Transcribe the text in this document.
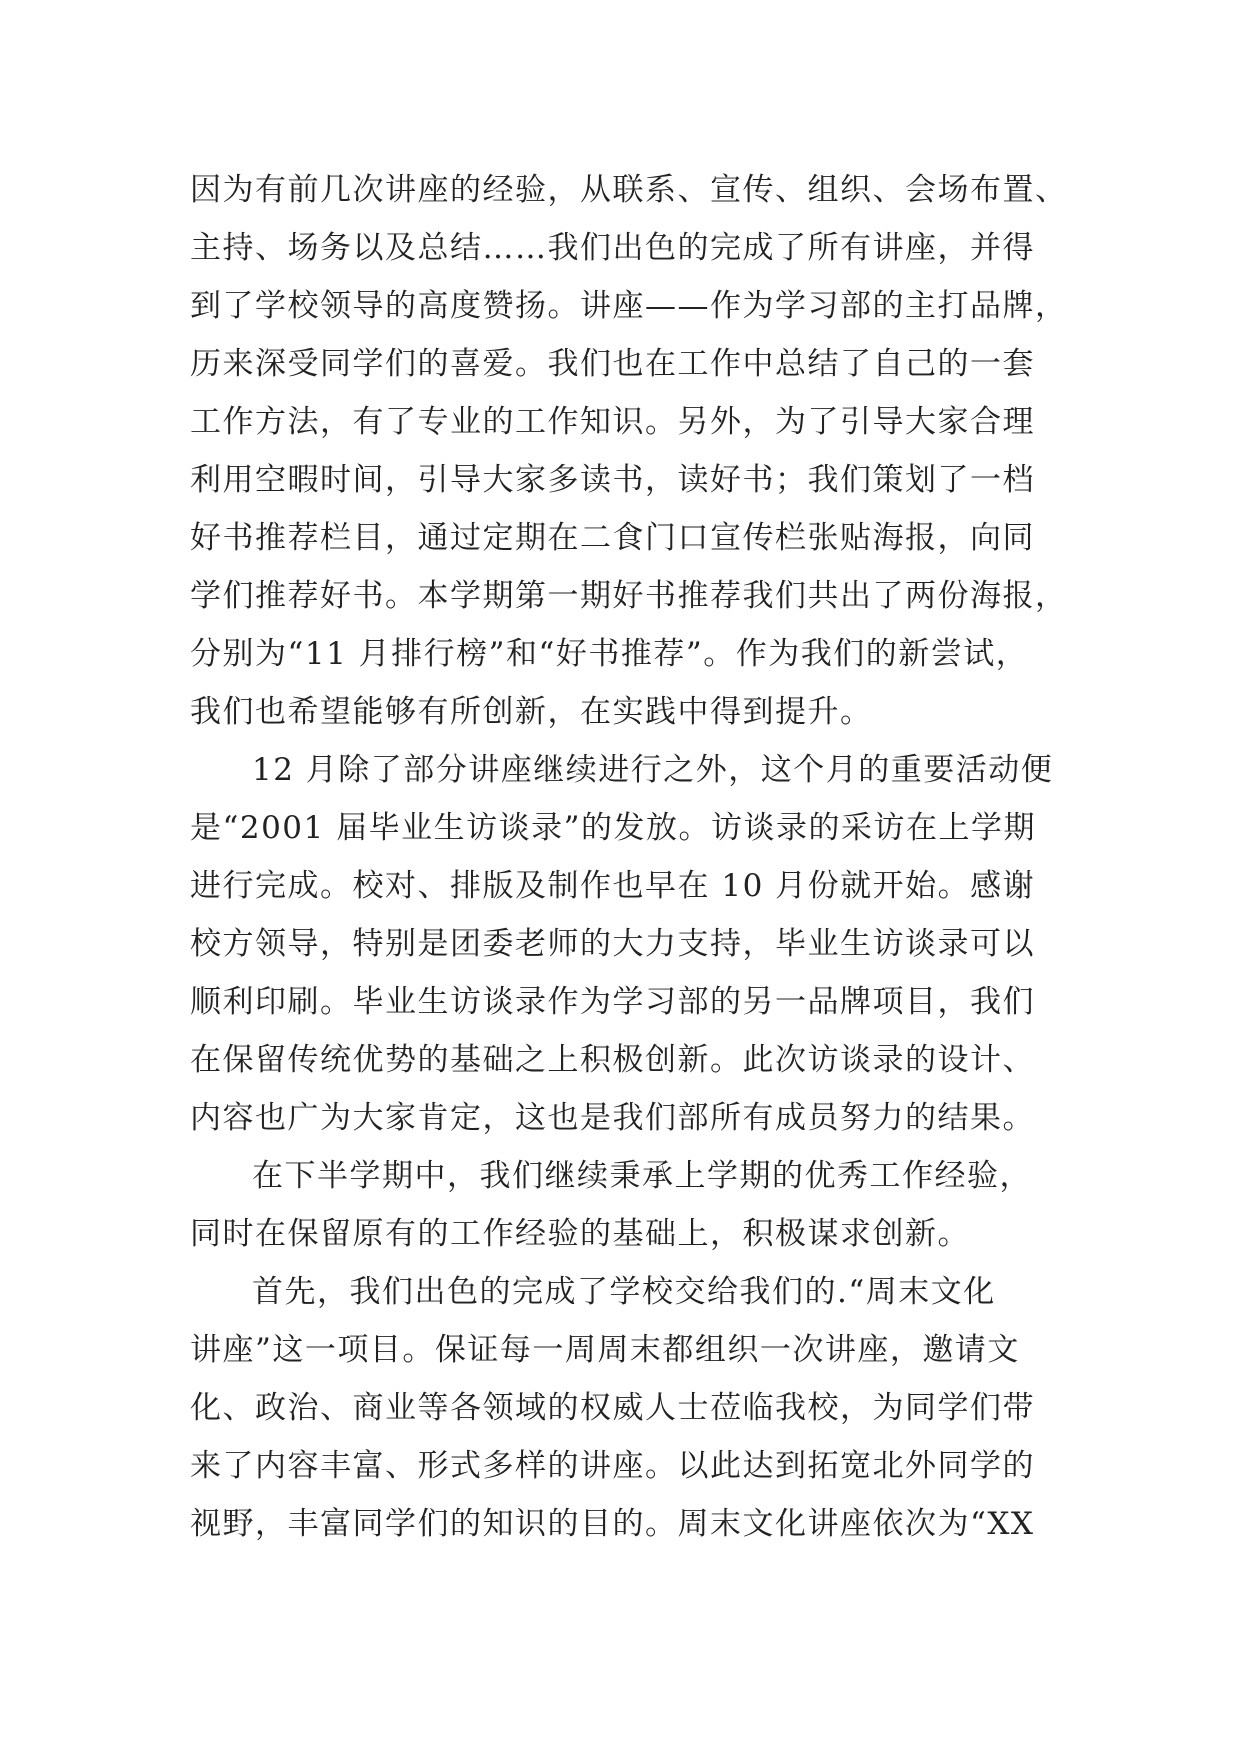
因为有前几次讲座的经验，从联系、宣传、组织、会场布置、
主持、场务以及总结……我们出色的完成了所有讲座，并得
到了学校领导的高度赞扬。讲座——作为学习部的主打品牌，
历来深受同学们的喜爱。我们也在工作中总结了自己的一套
工作方法，有了专业的工作知识。另外，为了引导大家合理
利用空暇时间，引导大家多读书，读好书；我们策划了一档
好书推荐栏目，通过定期在二食门口宣传栏张贴海报，向同
学们推荐好书。本学期第一期好书推荐我们共出了两份海报，
分别为“11 月排行榜”和“好书推荐”。作为我们的新尝试，
我们也希望能够有所创新，在实践中得到提升。
12 月除了部分讲座继续进行之外，这个月的重要活动便
是“2001 届毕业生访谈录”的发放。访谈录的采访在上学期
进行完成。校对、排版及制作也早在 10 月份就开始。感谢
校方领导，特别是团委老师的大力支持，毕业生访谈录可以
顺利印刷。毕业生访谈录作为学习部的另一品牌项目，我们
在保留传统优势的基础之上积极创新。此次访谈录的设计、
内容也广为大家肯定，这也是我们部所有成员努力的结果。
在下半学期中，我们继续秉承上学期的优秀工作经验，
同时在保留原有的工作经验的基础上，积极谋求创新。
首先，我们出色的完成了学校交给我们的.“周末文化
讲座”这一项目。保证每一周周末都组织一次讲座，邀请文
化、政治、商业等各领域的权威人士莅临我校，为同学们带
来了内容丰富、形式多样的讲座。以此达到拓宽北外同学的
视野，丰富同学们的知识的目的。周末文化讲座依次为“XX
